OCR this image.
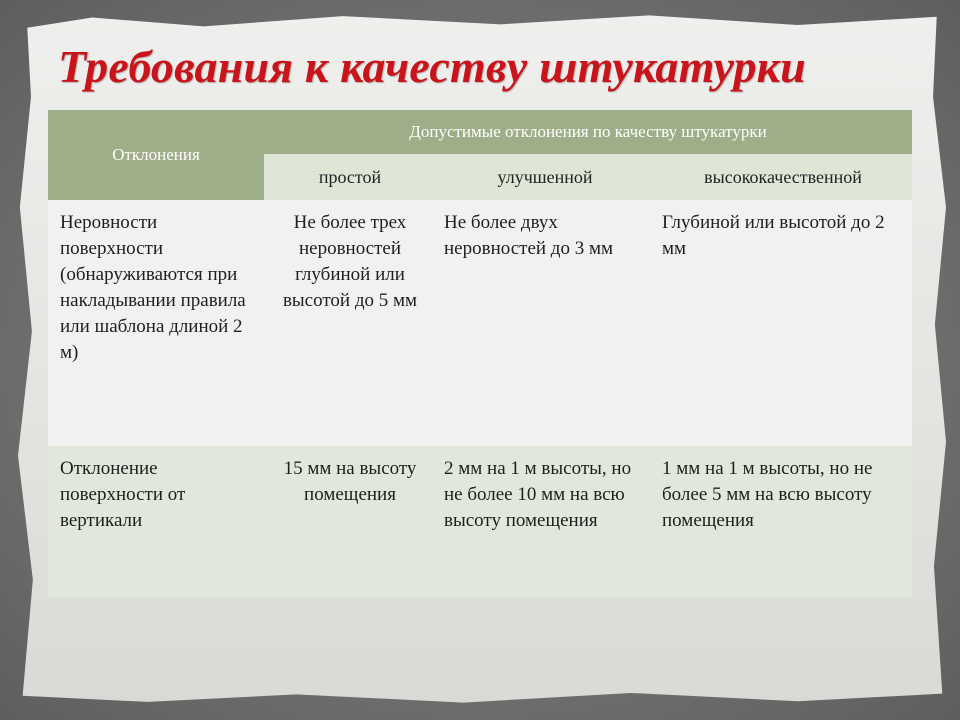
Требования к качеству штукатурки
Отклонения	Допустимые отклонения по качеству штукатурки		
	простой	улучшенной	высококачественной
Неровности поверхности (обнаруживаются при накладывании правила или шаблона длиной 2 м)	Не более трех неровностей глубиной или высотой до 5 мм	Не более двух неровностей до 3 мм	Глубиной или высотой до 2 мм
Отклонение поверхности от вертикали	15 мм на высоту помещения	2 мм на 1 м высоты, но не более 10 мм на всю высоту помещения	1 мм на 1 м высоты, но не более 5 мм на всю высоту помещения
